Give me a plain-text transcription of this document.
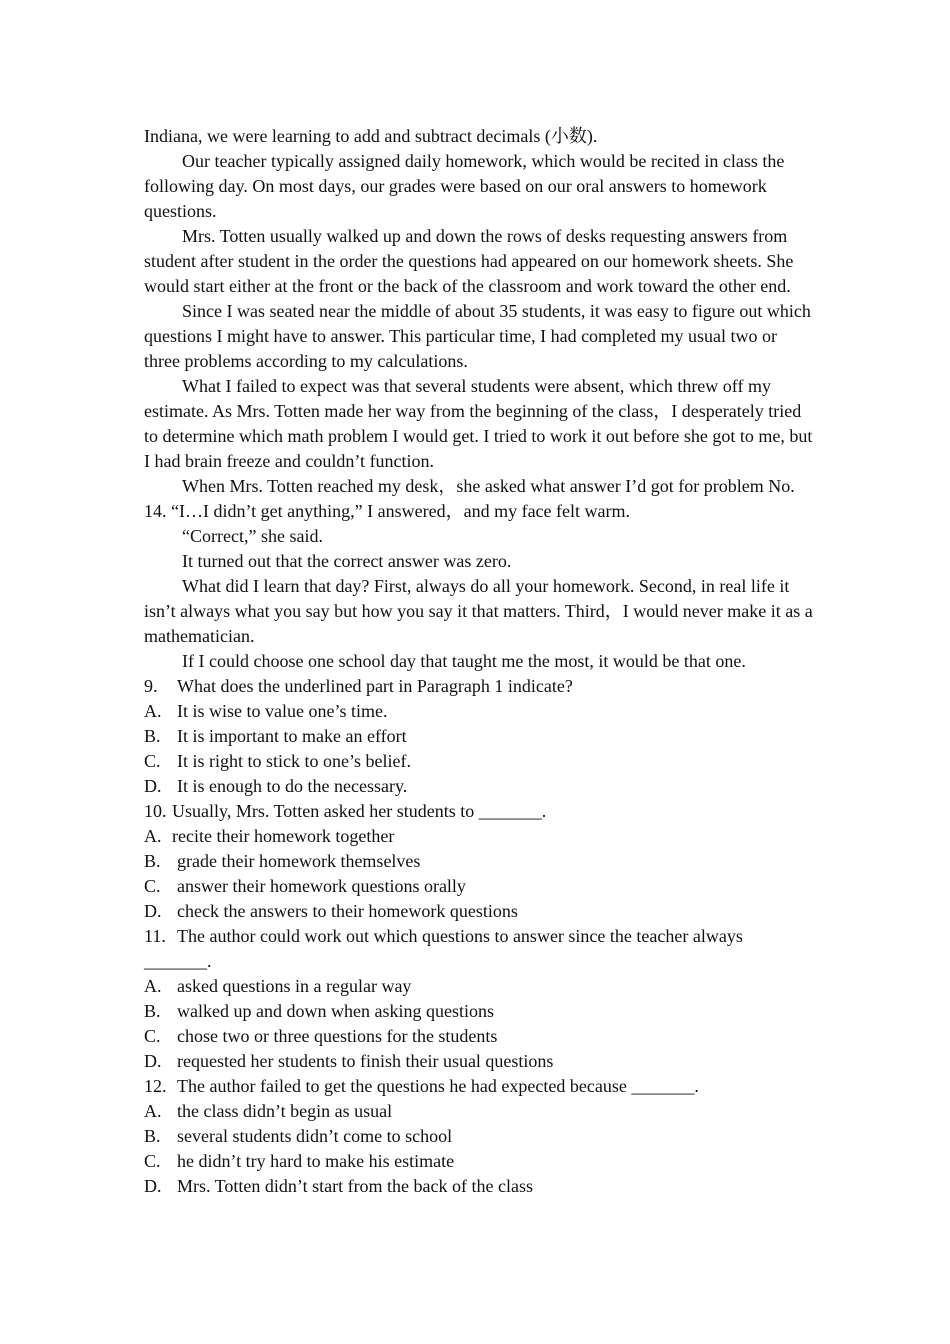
Indiana, we were learning to add and subtract decimals (小数).

Our teacher typically assigned daily homework, which would be recited in class the following day. On most days, our grades were based on our oral answers to homework questions.

Mrs. Totten usually walked up and down the rows of desks requesting answers from student after student in the order the questions had appeared on our homework sheets. She would start either at the front or the back of the classroom and work toward the other end.

Since I was seated near the middle of about 35 students, it was easy to figure out which questions I might have to answer. This particular time, I had completed my usual two or three problems according to my calculations.

What I failed to expect was that several students were absent, which threw off my estimate. As Mrs. Totten made her way from the beginning of the class，I desperately tried to determine which math problem I would get. I tried to work it out before she got to me, but I had brain freeze and couldn’t function.

When Mrs. Totten reached my desk，she asked what answer I’d got for problem No. 14. “I…I didn’t get anything,” I answered，and my face felt warm.

“Correct,” she said.

It turned out that the correct answer was zero.

What did I learn that day? First, always do all your homework. Second, in real life it isn’t always what you say but how you say it that matters. Third，I would never make it as a mathematician.

If I could choose one school day that taught me the most, it would be that one.

9. What does the underlined part in Paragraph 1 indicate?
A. It is wise to value one’s time.
B. It is important to make an effort
C. It is right to stick to one’s belief.
D. It is enough to do the necessary.
10. Usually, Mrs. Totten asked her students to _______.
A. recite their homework together
B. grade their homework themselves
C. answer their homework questions orally
D. check the answers to their homework questions
11. The author could work out which questions to answer since the teacher always _______.
A. asked questions in a regular way
B. walked up and down when asking questions
C. chose two or three questions for the students
D. requested her students to finish their usual questions
12. The author failed to get the questions he had expected because _______.
A. the class didn’t begin as usual
B. several students didn’t come to school
C. he didn’t try hard to make his estimate
D. Mrs. Totten didn’t start from the back of the class
